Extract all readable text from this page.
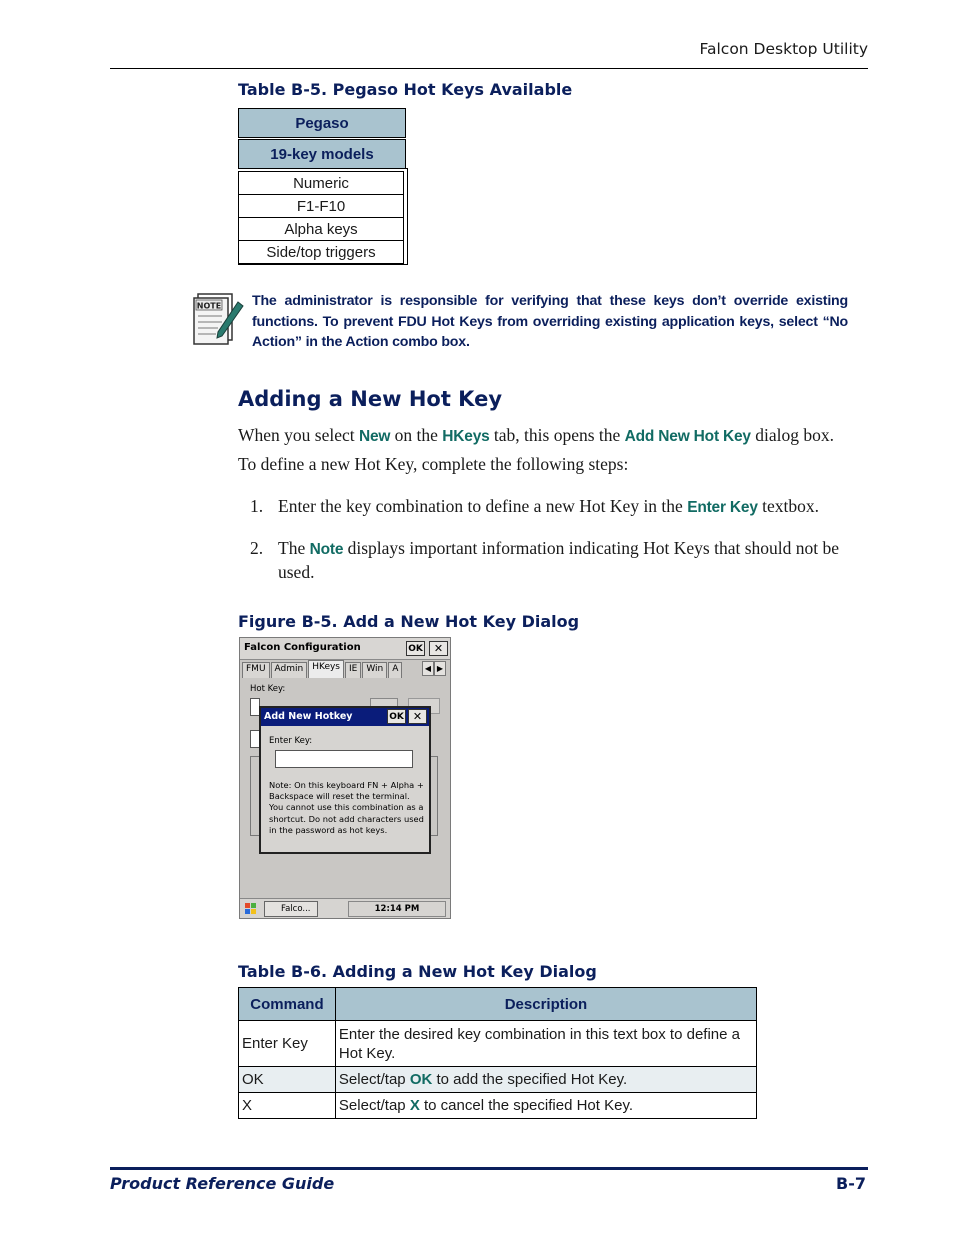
Falcon Desktop Utility
Table B-5. Pegaso Hot Keys Available
Pegaso
19-key models
Numeric
F1-F10
Alpha keys
Side/top triggers
NOTE The administrator is responsible for verifying that these keys don’t override existing functions. To prevent FDU Hot Keys from overriding existing application keys, select “No Action” in the Action combo box.
Adding a New Hot Key
When you select New on the HKeys tab, this opens the Add New Hot Key dialog box.
To define a new Hot Key, complete the following steps:
1. Enter the key combination to define a new Hot Key in the Enter Key textbox.
2. The Note displays important information indicating Hot Keys that should not be used.
Figure B-5. Add a New Hot Key Dialog
Falcon Configuration	OK	✕
FMU	Admin	HKeys	IE	Win	A	◀ ▶
Hot Key:
Add New Hotkey	OK ✕
Enter Key:
Note: On this keyboard FN + Alpha + Backspace will reset the terminal. You cannot use this combination as a shortcut. Do not add characters used in the password as hot keys.
Falco...	12:14 PM
Table B-6. Adding a New Hot Key Dialog
Command	Description
Enter Key	Enter the desired key combination in this text box to define a Hot Key.
OK	Select/tap OK to add the specified Hot Key.
X	Select/tap X to cancel the specified Hot Key.
Product Reference Guide	B-7
